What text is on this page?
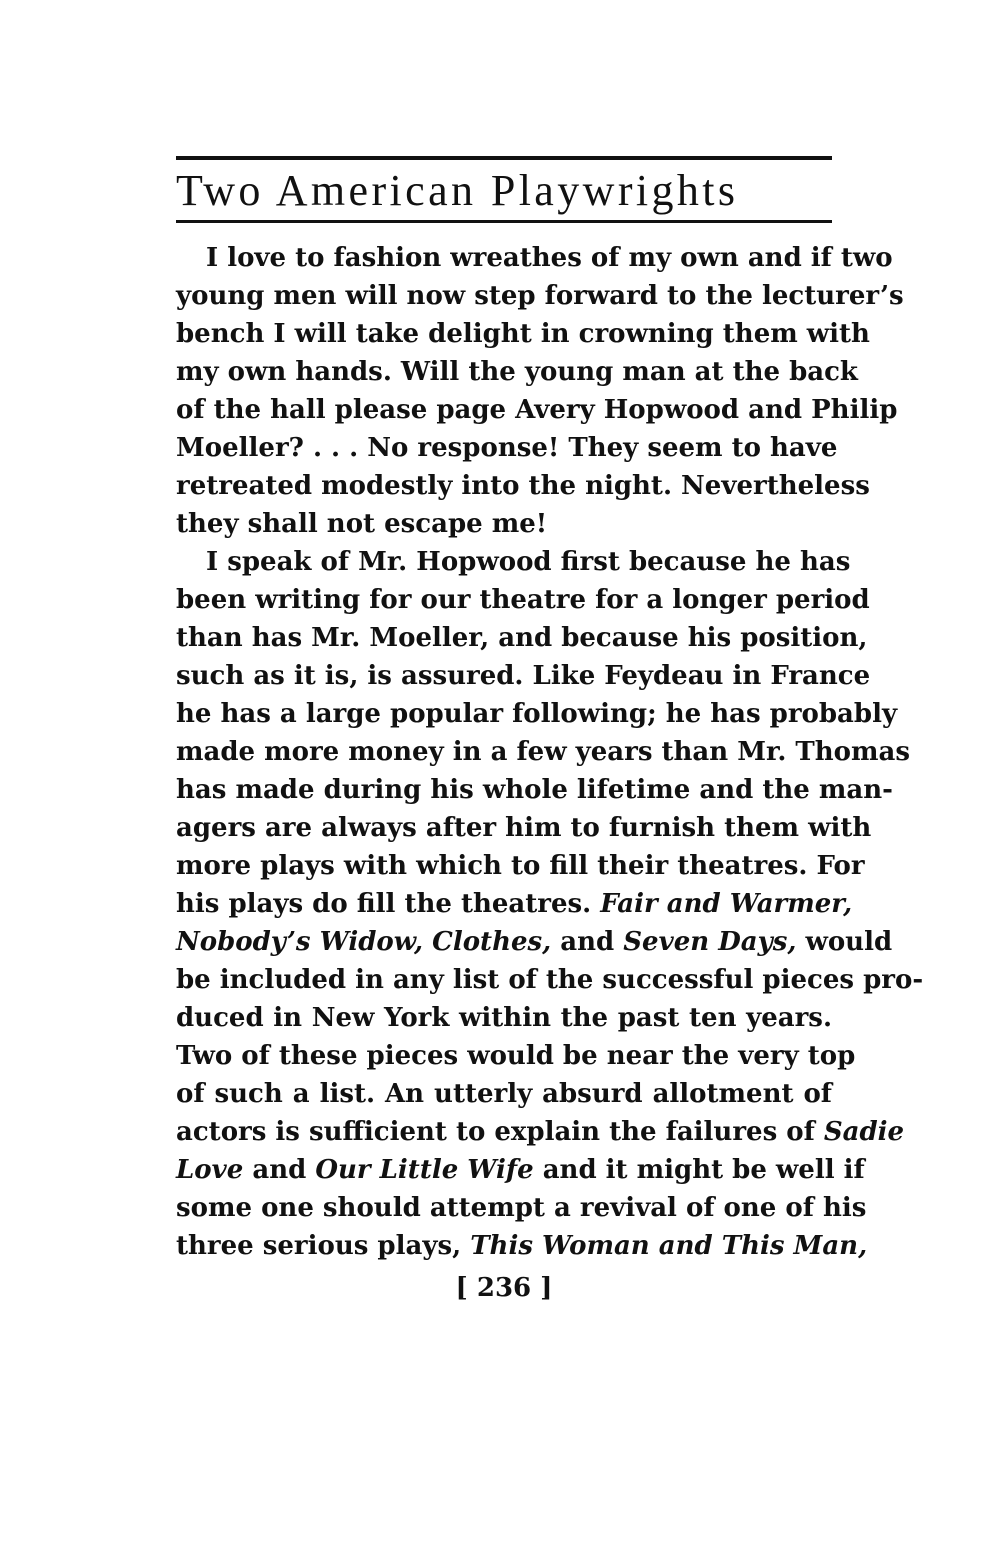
Two American Playwrights
I love to fashion wreathes of my own and if two
young men will now step forward to the lecturer’s
bench I will take delight in crowning them with
my own hands. Will the young man at the back
of the hall please page Avery Hopwood and Philip
Moeller? . . . No response! They seem to have
retreated modestly into the night. Nevertheless
they shall not escape me!
I speak of Mr. Hopwood first because he has
been writing for our theatre for a longer period
than has Mr. Moeller, and because his position,
such as it is, is assured. Like Feydeau in France
he has a large popular following; he has probably
made more money in a few years than Mr. Thomas
has made during his whole lifetime and the man-
agers are always after him to furnish them with
more plays with which to fill their theatres. For
his plays do fill the theatres. Fair and Warmer,
Nobody’s Widow, Clothes, and Seven Days, would
be included in any list of the successful pieces pro-
duced in New York within the past ten years.
Two of these pieces would be near the very top
of such a list. An utterly absurd allotment of
actors is sufficient to explain the failures of Sadie
Love and Our Little Wife and it might be well if
some one should attempt a revival of one of his
three serious plays, This Woman and This Man,
[ 236 ]
